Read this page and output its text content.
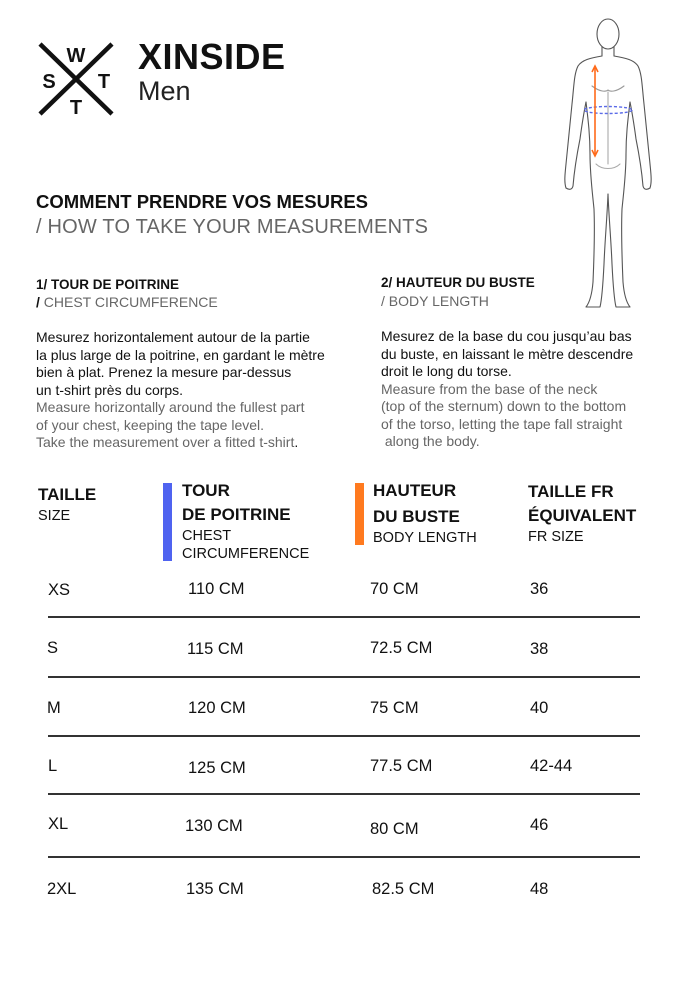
W
S T
T
XINSIDE
Men
COMMENT PRENDRE VOS MESURES
/ HOW TO TAKE YOUR MEASUREMENTS
1/ TOUR DE POITRINE
/ CHEST CIRCUMFERENCE
Mesurez horizontalement autour de la partie
la plus large de la poitrine, en gardant le mètre
bien à plat. Prenez la mesure par-dessus
un t-shirt près du corps.
Measure horizontally around the fullest part
of your chest, keeping the tape level.
Take the measurement over a fitted t-shirt.
2/ HAUTEUR DU BUSTE
/ BODY LENGTH
Mesurez de la base du cou jusqu’au bas
du buste, en laissant le mètre descendre
droit le long du torse.
Measure from the base of the neck
(top of the sternum) down to the bottom
of the torso, letting the tape fall straight
along the body.
TAILLE
SIZE
TOUR
DE POITRINE
CHEST
CIRCUMFERENCE
HAUTEUR
DU BUSTE
BODY LENGTH
TAILLE FR
ÉQUIVALENT
FR SIZE
XS	110 CM	70 CM	36
S	115 CM	72.5 CM	38
M	120 CM	75 CM	40
L	125 CM	77.5 CM	42-44
XL	130 CM	80 CM	46
2XL	135 CM	82.5 CM	48
